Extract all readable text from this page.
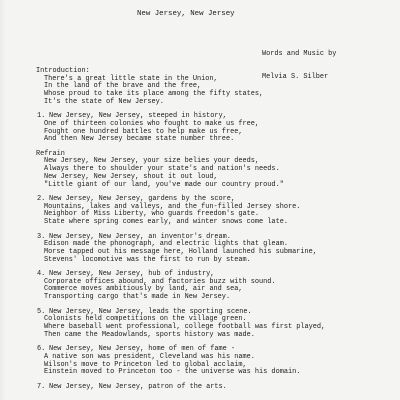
New Jersey, New Jersey

Words and Music by

Melvia S. Silber

Introduction:
There's a great little state in the Union,
In the land of the brave and the free,
Whose proud to take its place among the fifty states,
It's the state of New Jersey.
1. New Jersey, New Jersey, steeped in history,
One of thirteen colonies who fought to make us free,
Fought one hundred battles to help make us free,
And then New Jersey became state number three.
Refrain
New Jersey, New Jersey, your size belies your deeds,
Always there to shoulder your state's and nation's needs.
New Jersey, New Jersey, shout it out loud,
"Little giant of our land, you've made our country proud."
2. New Jersey, New Jersey, gardens by the score,
Mountains, lakes and valleys, and the fun-filled Jersey shore.
Neighbor of Miss Liberty, who guards freedom's gate.
State where spring comes early, and winter snows come late.
3. New Jersey, New Jersey, an inventor's dream.
Edison made the phonograph, and electric lights that gleam.
Morse tapped out his message here, Holland launched his submarine,
Stevens' locomotive was the first to run by steam.
4. New Jersey, New Jersey, hub of industry,
Corporate offices abound, and factories buzz with sound.
Commerce moves ambitiously by land, air and sea,
Transporting cargo that's made in New Jersey.
5. New Jersey, New Jersey, leads the sporting scene.
Colonists held competitions on the village green.
Where baseball went professional, college football was first played,
Then came the Meadowlands, sports history was made.
6. New Jersey, New Jersey, home of men of fame -
A native son was president, Cleveland was his name.
Wilson's move to Princeton led to global acclaim,
Einstein moved to Princeton too - the universe was his domain.
7. New Jersey, New Jersey, patron of the arts.
